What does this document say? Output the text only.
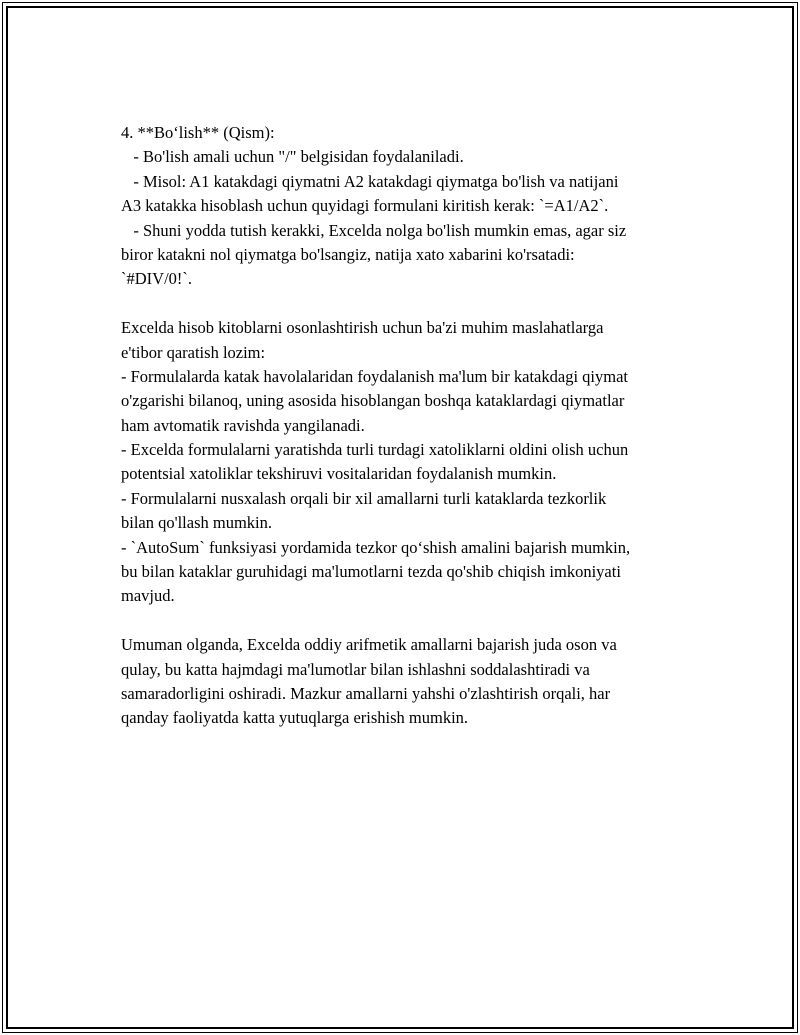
4. **Bo‘lish** (Qism):
- Bo'lish amali uchun "/" belgisidan foydalaniladi.
- Misol: A1 katakdagi qiymatni A2 katakdagi qiymatga bo'lish va natijani
A3 katakka hisoblash uchun quyidagi formulani kiritish kerak: `=A1/A2`.
- Shuni yodda tutish kerakki, Excelda nolga bo'lish mumkin emas, agar siz
biror katakni nol qiymatga bo'lsangiz, natija xato xabarini ko'rsatadi:
`#DIV/0!`.
Excelda hisob kitoblarni osonlashtirish uchun ba'zi muhim maslahatlarga
e'tibor qaratish lozim:
- Formulalarda katak havolalaridan foydalanish ma'lum bir katakdagi qiymat
o'zgarishi bilanoq, uning asosida hisoblangan boshqa kataklardagi qiymatlar
ham avtomatik ravishda yangilanadi.
- Excelda formulalarni yaratishda turli turdagi xatoliklarni oldini olish uchun
potentsial xatoliklar tekshiruvi vositalaridan foydalanish mumkin.
- Formulalarni nusxalash orqali bir xil amallarni turli kataklarda tezkorlik
bilan qo'llash mumkin.
- `AutoSum` funksiyasi yordamida tezkor qo‘shish amalini bajarish mumkin,
bu bilan kataklar guruhidagi ma'lumotlarni tezda qo'shib chiqish imkoniyati
mavjud.
Umuman olganda, Excelda oddiy arifmetik amallarni bajarish juda oson va
qulay, bu katta hajmdagi ma'lumotlar bilan ishlashni soddalashtiradi va
samaradorligini oshiradi. Mazkur amallarni yahshi o'zlashtirish orqali, har
qanday faoliyatda katta yutuqlarga erishish mumkin.
